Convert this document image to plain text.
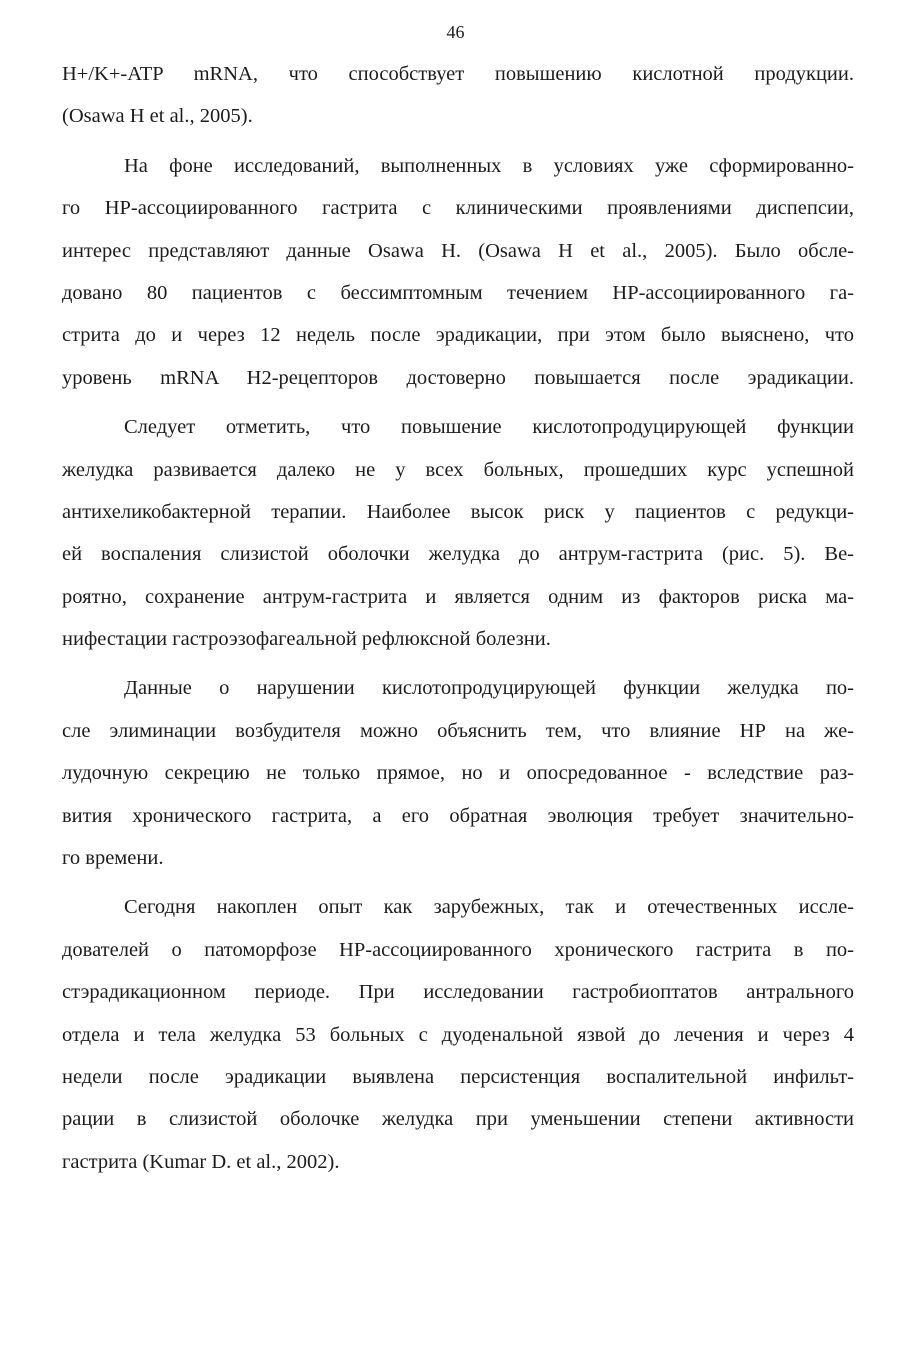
46
H+/K+-ATP mRNA, что способствует повышению кислотной продукции.
(Osawa H et al., 2005).
На фоне исследований, выполненных в условиях уже сформированно-
го НР-ассоциированного гастрита с клиническими проявлениями диспепсии,
интерес представляют данные Osawa H. (Osawa H et al., 2005). Было обсле-
довано 80 пациентов с бессимптомным течением НР-ассоциированного га-
стрита до и через 12 недель после эрадикации, при этом было выяснено, что
уровень mRNA H2-рецепторов достоверно повышается после эрадикации.
Следует отметить, что повышение кислотопродуцирующей функции
желудка развивается далеко не у всех больных, прошедших курс успешной
антихеликобактерной терапии. Наиболее высок риск у пациентов с редукци-
ей воспаления слизистой оболочки желудка до антрум-гастрита (рис. 5). Ве-
роятно, сохранение антрум-гастрита и является одним из факторов риска ма-
нифестации гастроэзофагеальной рефлюксной болезни.
Данные о нарушении кислотопродуцирующей функции желудка по-
сле элиминации возбудителя можно объяснить тем, что влияние НР на же-
лудочную секрецию не только прямое, но и опосредованное - вследствие раз-
вития хронического гастрита, а его обратная эволюция требует значительно-
го времени.
Сегодня накоплен опыт как зарубежных, так и отечественных иссле-
дователей о патоморфозе НР-ассоциированного хронического гастрита в по-
стэрадикационном периоде. При исследовании гастробиоптатов антрального
отдела и тела желудка 53 больных с дуоденальной язвой до лечения и через 4
недели после эрадикации выявлена персистенция воспалительной инфильт-
рации в слизистой оболочке желудка при уменьшении степени активности
гастрита (Kumar D. et al., 2002).
